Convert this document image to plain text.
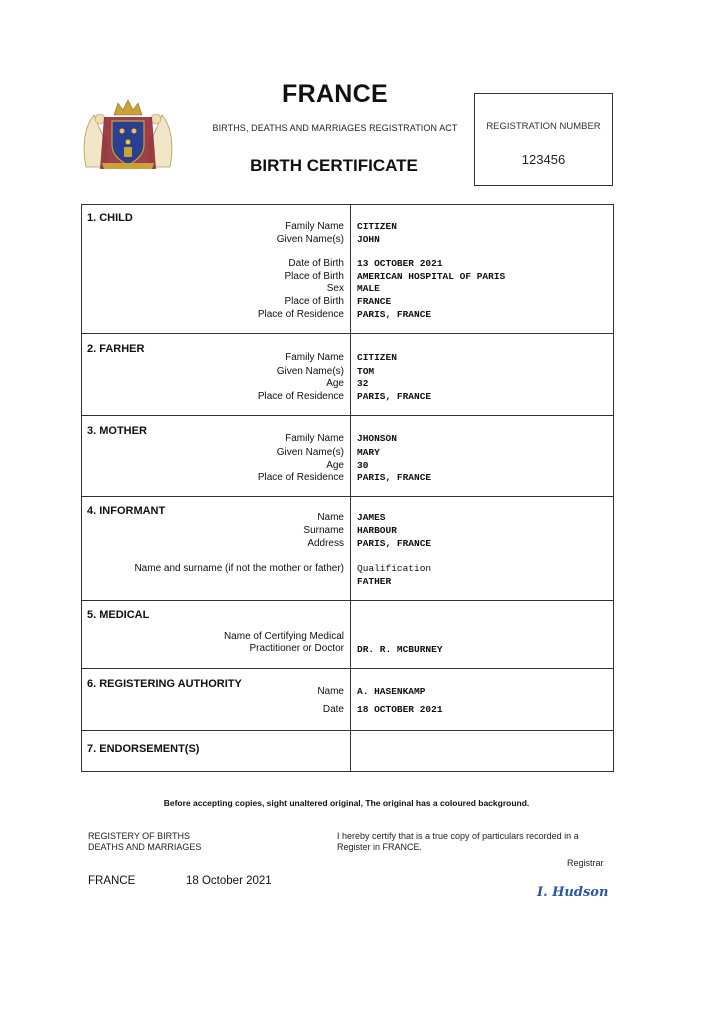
FRANCE
BIRTHS, DEATHS AND MARRIAGES REGISTRATION ACT
BIRTH CERTIFICATE
REGISTRATION NUMBER
123456
1. CHILD
Family Name CITIZEN
Given Name(s) JOHN
Date of Birth 13 OCTOBER 2021
Place of Birth AMERICAN HOSPITAL OF PARIS
Sex MALE
Place of Birth FRANCE
Place of Residence PARIS, FRANCE
2. FARHER
Family Name CITIZEN
Given Name(s) TOM
Age 32
Place of Residence PARIS, FRANCE
3. MOTHER
Family Name JHONSON
Given Name(s) MARY
Age 30
Place of Residence PARIS, FRANCE
4. INFORMANT
Name JAMES
Surname HARBOUR
Address PARIS, FRANCE
Name and surname (if not the mother or father) Qualification
FATHER
5. MEDICAL
Name of Certifying Medical
Practitioner or Doctor DR. R. MCBURNEY
6. REGISTERING AUTHORITY
Name A. HASENKAMP
Date 18 OCTOBER 2021
7. ENDORSEMENT(S)
Before accepting copies, sight unaltered original, The original has a coloured background.
REGISTERY OF BIRTHS
DEATHS AND MARRIAGES
I hereby certify that is a true copy of particulars recorded in a
Register in FRANCE.
Registrar
FRANCE	18 October 2021
I. Hudson
